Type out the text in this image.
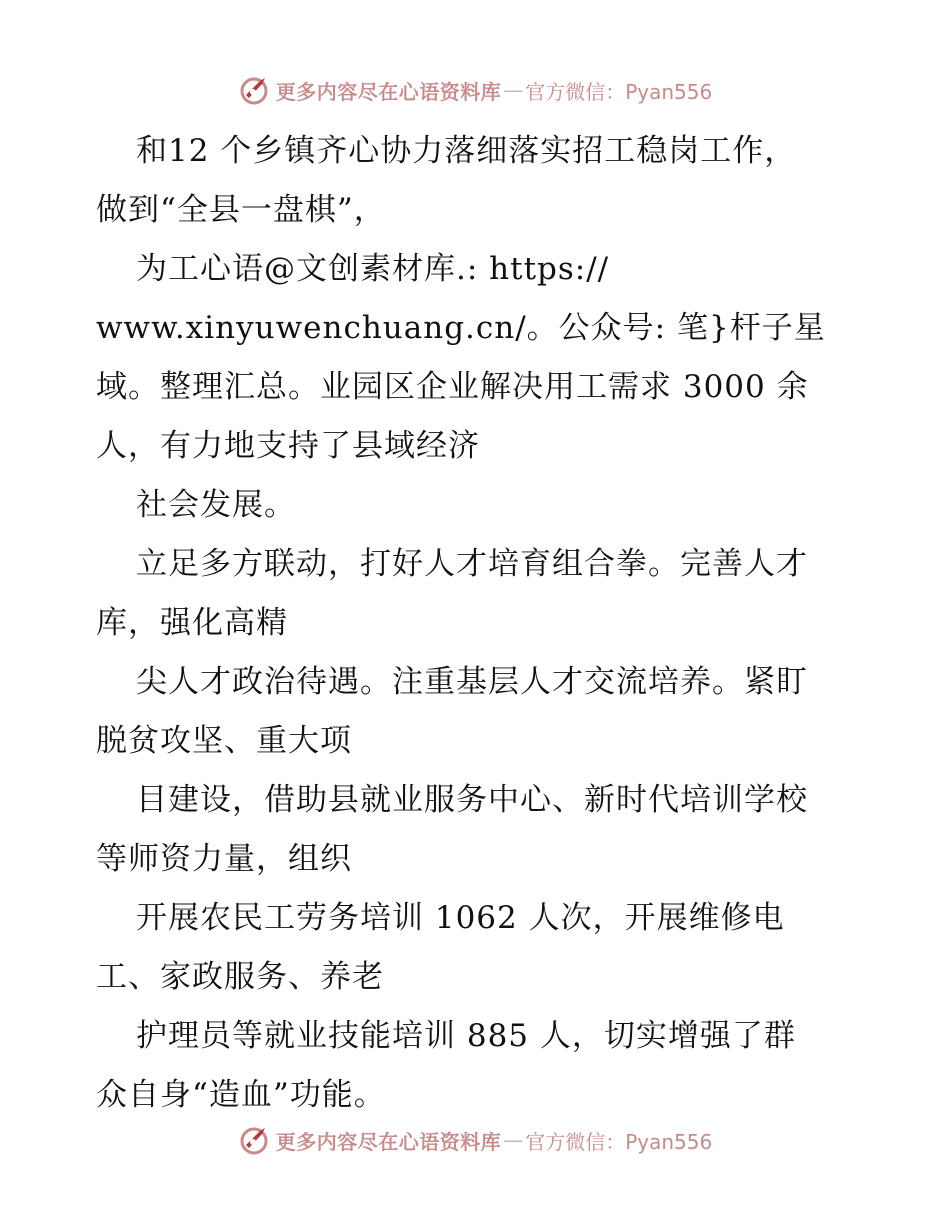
更多内容尽在心语资料库 — 官方微信：Pyan556
和12 个乡镇齐心协力落细落实招工稳岗工作，
做到“全县一盘棋”，
为工心语@文创素材库.: https://
www.xinyuwenchuang.cn/。公众号: 笔}杆子星
域。整理汇总。业园区企业解决用工需求 3000 余
人，有力地支持了县域经济
社会发展。
立足多方联动，打好人才培育组合拳。完善人才
库，强化高精
尖人才政治待遇。注重基层人才交流培养。紧盯
脱贫攻坚、重大项
目建设，借助县就业服务中心、新时代培训学校
等师资力量，组织
开展农民工劳务培训 1062 人次，开展维修电
工、家政服务、养老
护理员等就业技能培训 885 人，切实增强了群
众自身“造血”功能。
更多内容尽在心语资料库 — 官方微信：Pyan556
